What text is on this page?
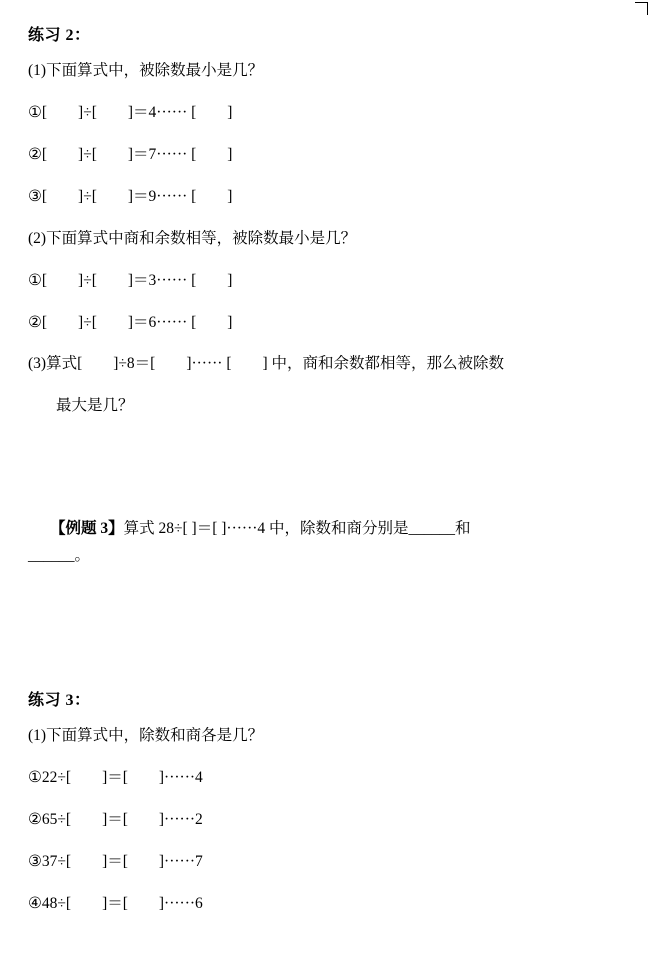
练习 2：
(1)下面算式中，被除数最小是几？
①[        ]÷[        ]＝4······ [        ]
②[        ]÷[        ]＝7······ [        ]
③[        ]÷[        ]＝9······ [        ]
(2)下面算式中商和余数相等，被除数最小是几？
①[        ]÷[        ]＝3······ [        ]
②[        ]÷[        ]＝6······ [        ]
(3)算式[        ]÷8＝[        ]······ [        ] 中，商和余数都相等，那么被除数
最大是几？
【例题 3】算式 28÷[ ]＝[ ]······4 中，除数和商分别是______和
______。
练习 3：
(1)下面算式中，除数和商各是几？
①22÷[        ]＝[        ]······4
②65÷[        ]＝[        ]······2
③37÷[        ]＝[        ]······7
④48÷[        ]＝[        ]······6
